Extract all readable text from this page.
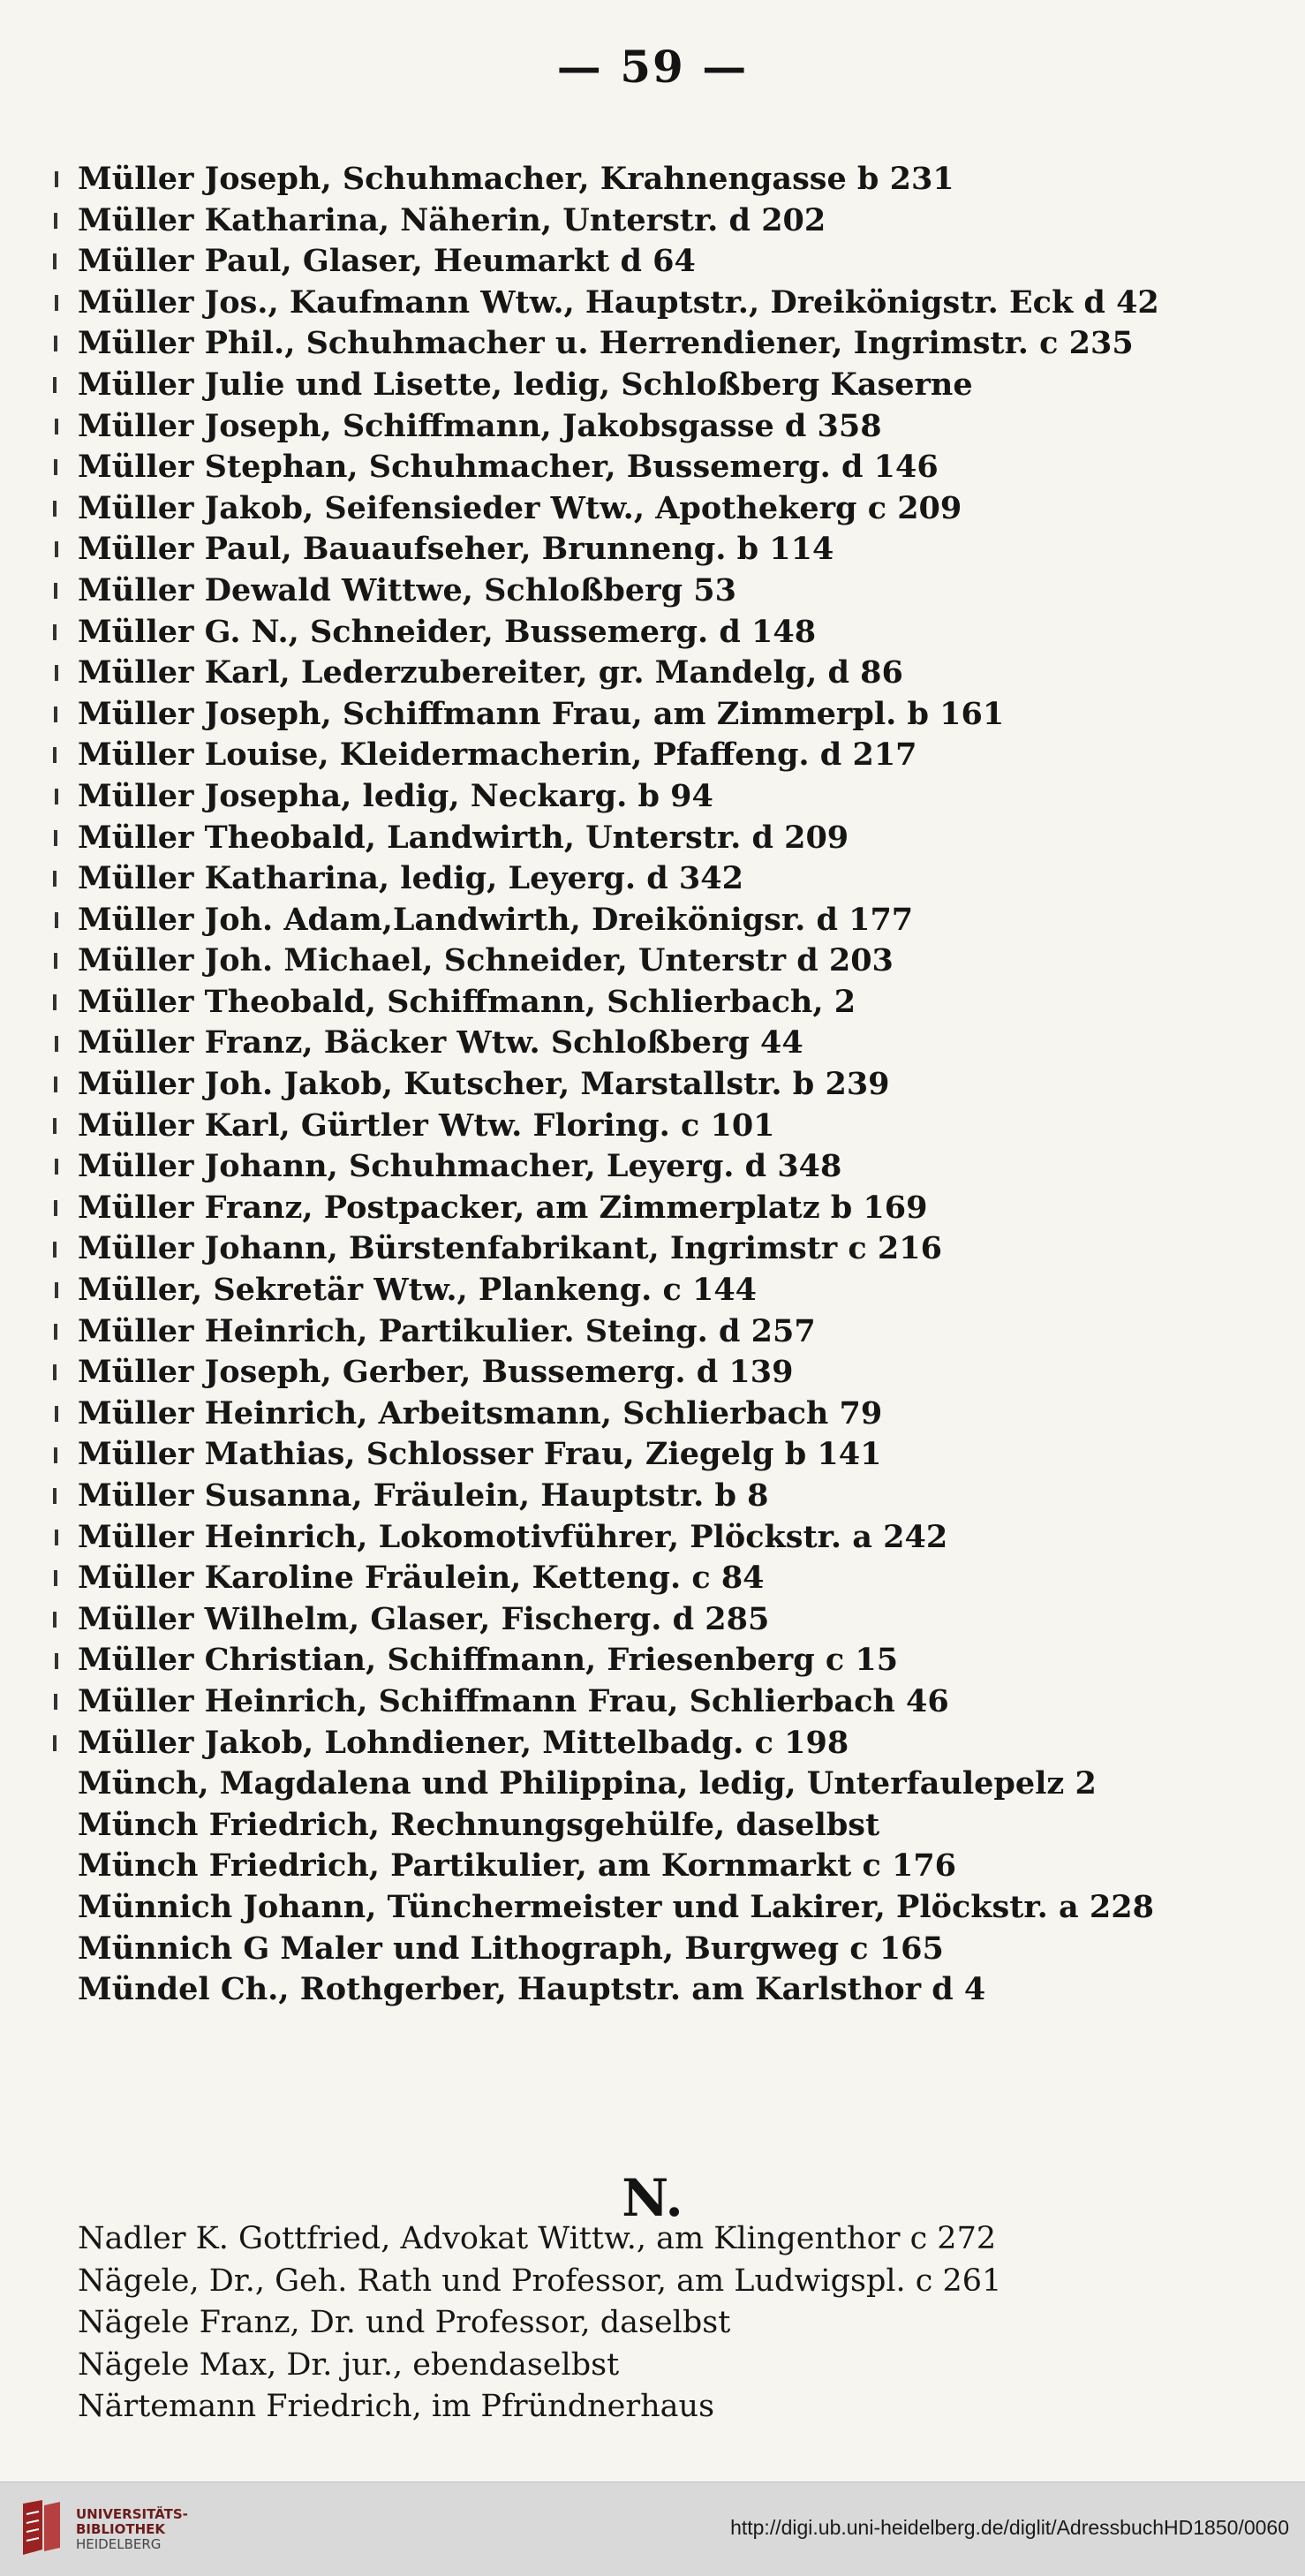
— 59 —
Müller Joseph, Schuhmacher, Krahnengasse b 231
Müller Katharina, Näherin, Unterstr. d 202
Müller Paul, Glaser, Heumarkt d 64
Müller Jos., Kaufmann Wtw., Hauptstr., Dreikönigstr. Eck d 42
Müller Phil., Schuhmacher u. Herrendiener, Ingrimstr. c 235
Müller Julie und Lisette, ledig, Schloßberg Kaserne
Müller Joseph, Schiffmann, Jakobsgasse d 358
Müller Stephan, Schuhmacher, Bussemerg. d 146
Müller Jakob, Seifensieder Wtw., Apothekerg c 209
Müller Paul, Bauaufseher, Brunneng. b 114
Müller Dewald Wittwe, Schloßberg 53
Müller G. N., Schneider, Bussemerg. d 148
Müller Karl, Lederzubereiter, gr. Mandelg, d 86
Müller Joseph, Schiffmann Frau, am Zimmerpl. b 161
Müller Louise, Kleidermacherin, Pfaffeng. d 217
Müller Josepha, ledig, Neckarg. b 94
Müller Theobald, Landwirth, Unterstr. d 209
Müller Katharina, ledig, Leyerg. d 342
Müller Joh. Adam,Landwirth, Dreikönigsr. d 177
Müller Joh. Michael, Schneider, Unterstr d 203
Müller Theobald, Schiffmann, Schlierbach, 2
Müller Franz, Bäcker Wtw. Schloßberg 44
Müller Joh. Jakob, Kutscher, Marstallstr. b 239
Müller Karl, Gürtler Wtw. Floring. c 101
Müller Johann, Schuhmacher, Leyerg. d 348
Müller Franz, Postpacker, am Zimmerplatz b 169
Müller Johann, Bürstenfabrikant, Ingrimstr c 216
Müller, Sekretär Wtw., Plankeng. c 144
Müller Heinrich, Partikulier. Steing. d 257
Müller Joseph, Gerber, Bussemerg. d 139
Müller Heinrich, Arbeitsmann, Schlierbach 79
Müller Mathias, Schlosser Frau, Ziegelg b 141
Müller Susanna, Fräulein, Hauptstr. b 8
Müller Heinrich, Lokomotivführer, Plöckstr. a 242
Müller Karoline Fräulein, Ketteng. c 84
Müller Wilhelm, Glaser, Fischerg. d 285
Müller Christian, Schiffmann, Friesenberg c 15
Müller Heinrich, Schiffmann Frau, Schlierbach 46
Müller Jakob, Lohndiener, Mittelbadg. c 198
Münch, Magdalena und Philippina, ledig, Unterfaulepelz 2
Münch Friedrich, Rechnungsgehülfe, daselbst
Münch Friedrich, Partikulier, am Kornmarkt c 176
Münnich Johann, Tünchermeister und Lakirer, Plöckstr. a 228
Münnich G Maler und Lithograph, Burgweg c 165
Mündel Ch., Rothgerber, Hauptstr. am Karlsthor d 4
N.
Nadler K. Gottfried, Advokat Wittw., am Klingenthor c 272
Nägele, Dr., Geh. Rath und Professor, am Ludwigspl. c 261
Nägele Franz, Dr. und Professor, daselbst
Nägele Max, Dr. jur., ebendaselbst
Närtemann Friedrich, im Pfründnerhaus
UNIVERSITÄTS-
BIBLIOTHEK
HEIDELBERG
http://digi.ub.uni-heidelberg.de/diglit/AdressbuchHD1850/0060
